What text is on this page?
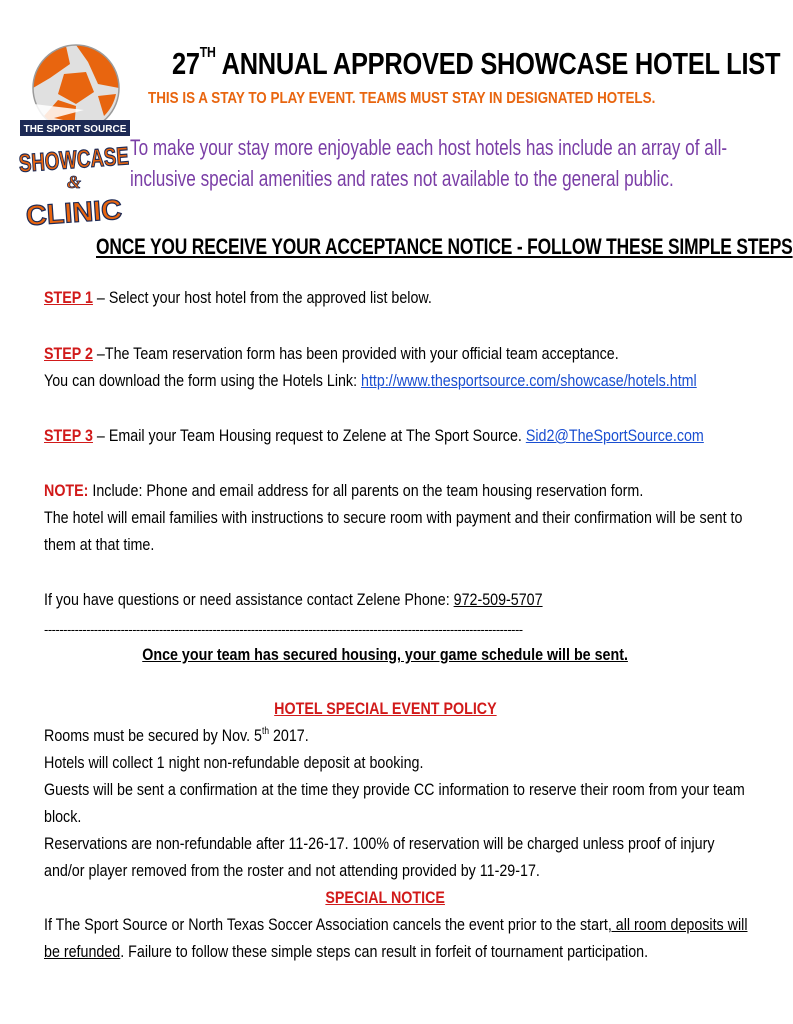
THE SPORT SOURCE
SHOWCASE
&
CLINIC
27TH ANNUAL APPROVED SHOWCASE HOTEL LIST
THIS IS A STAY TO PLAY EVENT. TEAMS MUST STAY IN DESIGNATED HOTELS.
To make your stay more enjoyable each host hotels has include an array of all-
inclusive special amenities and rates not available to the general public.
ONCE YOU RECEIVE YOUR ACCEPTANCE NOTICE - FOLLOW THESE SIMPLE STEPS
STEP 1 – Select your host hotel from the approved list below.
STEP 2 –The Team reservation form has been provided with your official team acceptance.
You can download the form using the Hotels Link: http://www.thesportsource.com/showcase/hotels.html
STEP 3 – Email your Team Housing request to Zelene at The Sport Source. Sid2@TheSportSource.com
NOTE: Include: Phone and email address for all parents on the team housing reservation form.
The hotel will email families with instructions to secure room with payment and their confirmation will be sent to
them at that time.
If you have questions or need assistance contact Zelene Phone: 972-509-5707
-----------------------------------------------------------------------------------------------------------------------------
Once your team has secured housing, your game schedule will be sent.
HOTEL SPECIAL EVENT POLICY
Rooms must be secured by Nov. 5th 2017.
Hotels will collect 1 night non-refundable deposit at booking.
Guests will be sent a confirmation at the time they provide CC information to reserve their room from your team
block.
Reservations are non-refundable after 11-26-17. 100% of reservation will be charged unless proof of injury
and/or player removed from the roster and not attending provided by 11-29-17.
SPECIAL NOTICE
If The Sport Source or North Texas Soccer Association cancels the event prior to the start, all room deposits will
be refunded. Failure to follow these simple steps can result in forfeit of tournament participation.
